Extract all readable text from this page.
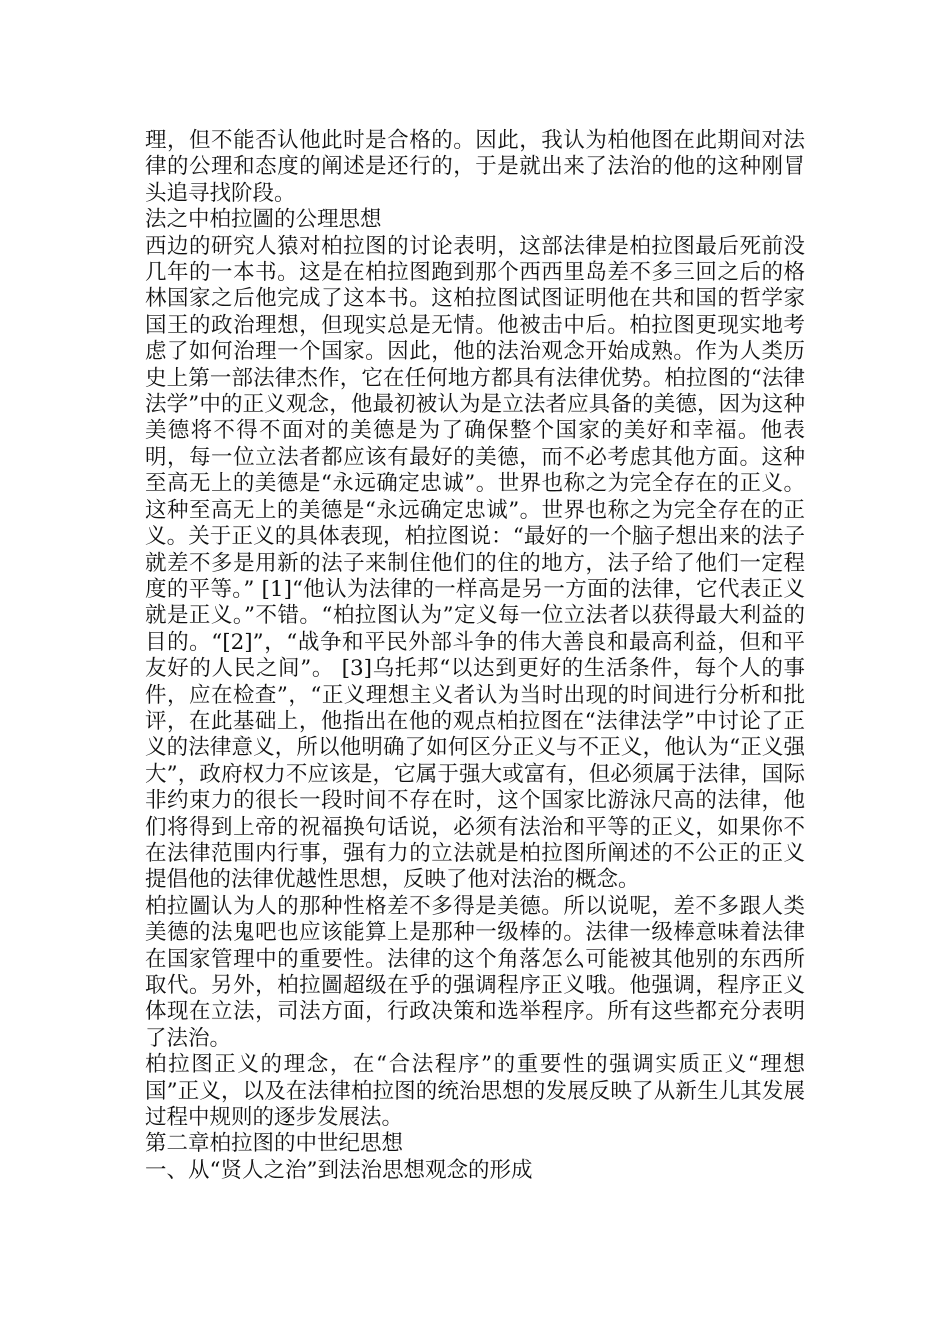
理，但不能否认他此时是合格的。因此，我认为柏他图在此期间对法律的公理和态度的阐述是还行的，于是就出来了法治的他的这种刚冒头追寻找阶段。

法之中柏拉圖的公理思想

西边的研究人猿对柏拉图的讨论表明，这部法律是柏拉图最后死前没几年的一本书。这是在柏拉图跑到那个西西里岛差不多三回之后的格林国家之后他完成了这本书。这柏拉图试图证明他在共和国的哲学家国王的政治理想，但现实总是无情。他被击中后。柏拉图更现实地考虑了如何治理一个国家。因此，他的法治观念开始成熟。作为人类历史上第一部法律杰作，它在任何地方都具有法律优势。柏拉图的“法律法学”中的正义观念，他最初被认为是立法者应具备的美德，因为这种美德将不得不面对的美德是为了确保整个国家的美好和幸福。他表明，每一位立法者都应该有最好的美德，而不必考虑其他方面。这种至高无上的美德是“永远确定忠诚”。世界也称之为完全存在的正义。这种至高无上的美德是“永远确定忠诚”。世界也称之为完全存在的正义。关于正义的具体表现，柏拉图说：“最好的一个脑子想出来的法子就差不多是用新的法子来制住他们的住的地方，法子给了他们一定程度的平等。” [1]“他认为法律的一样高是另一方面的法律，它代表正义就是正义。”不错。“柏拉图认为”定义每一位立法者以获得最大利益的目的。“[2]”，“战争和平民外部斗争的伟大善良和最高利益，但和平友好的人民之间”。 [3]乌托邦“以达到更好的生活条件，每个人的事件，应在检查”，“正义理想主义者认为当时出现的时间进行分析和批评，在此基础上，他指出在他的观点柏拉图在“法律法学”中讨论了正义的法律意义，所以他明确了如何区分正义与不正义，他认为“正义强大”，政府权力不应该是，它属于强大或富有，但必须属于法律，国际非约束力的很长一段时间不存在时，这个国家比游泳尺高的法律，他们将得到上帝的祝福换句话说，必须有法治和平等的正义，如果你不在法律范围内行事，强有力的立法就是柏拉图所阐述的不公正的正义提倡他的法律优越性思想，反映了他对法治的概念。

柏拉圖认为人的那种性格差不多得是美德。所以说呢，差不多跟人类美德的法鬼吧也应该能算上是那种一级棒的。法律一级棒意味着法律在国家管理中的重要性。法律的这个角落怎么可能被其他别的东西所取代。另外，柏拉圖超级在乎的强调程序正义哦。他强调，程序正义体现在立法，司法方面，行政决策和选举程序。所有这些都充分表明了法治。

柏拉图正义的理念，在“合法程序”的重要性的强调实质正义“理想国”正义，以及在法律柏拉图的统治思想的发展反映了从新生儿其发展过程中规则的逐步发展法。

第二章柏拉图的中世纪思想
一、从“贤人之治”到法治思想观念的形成
